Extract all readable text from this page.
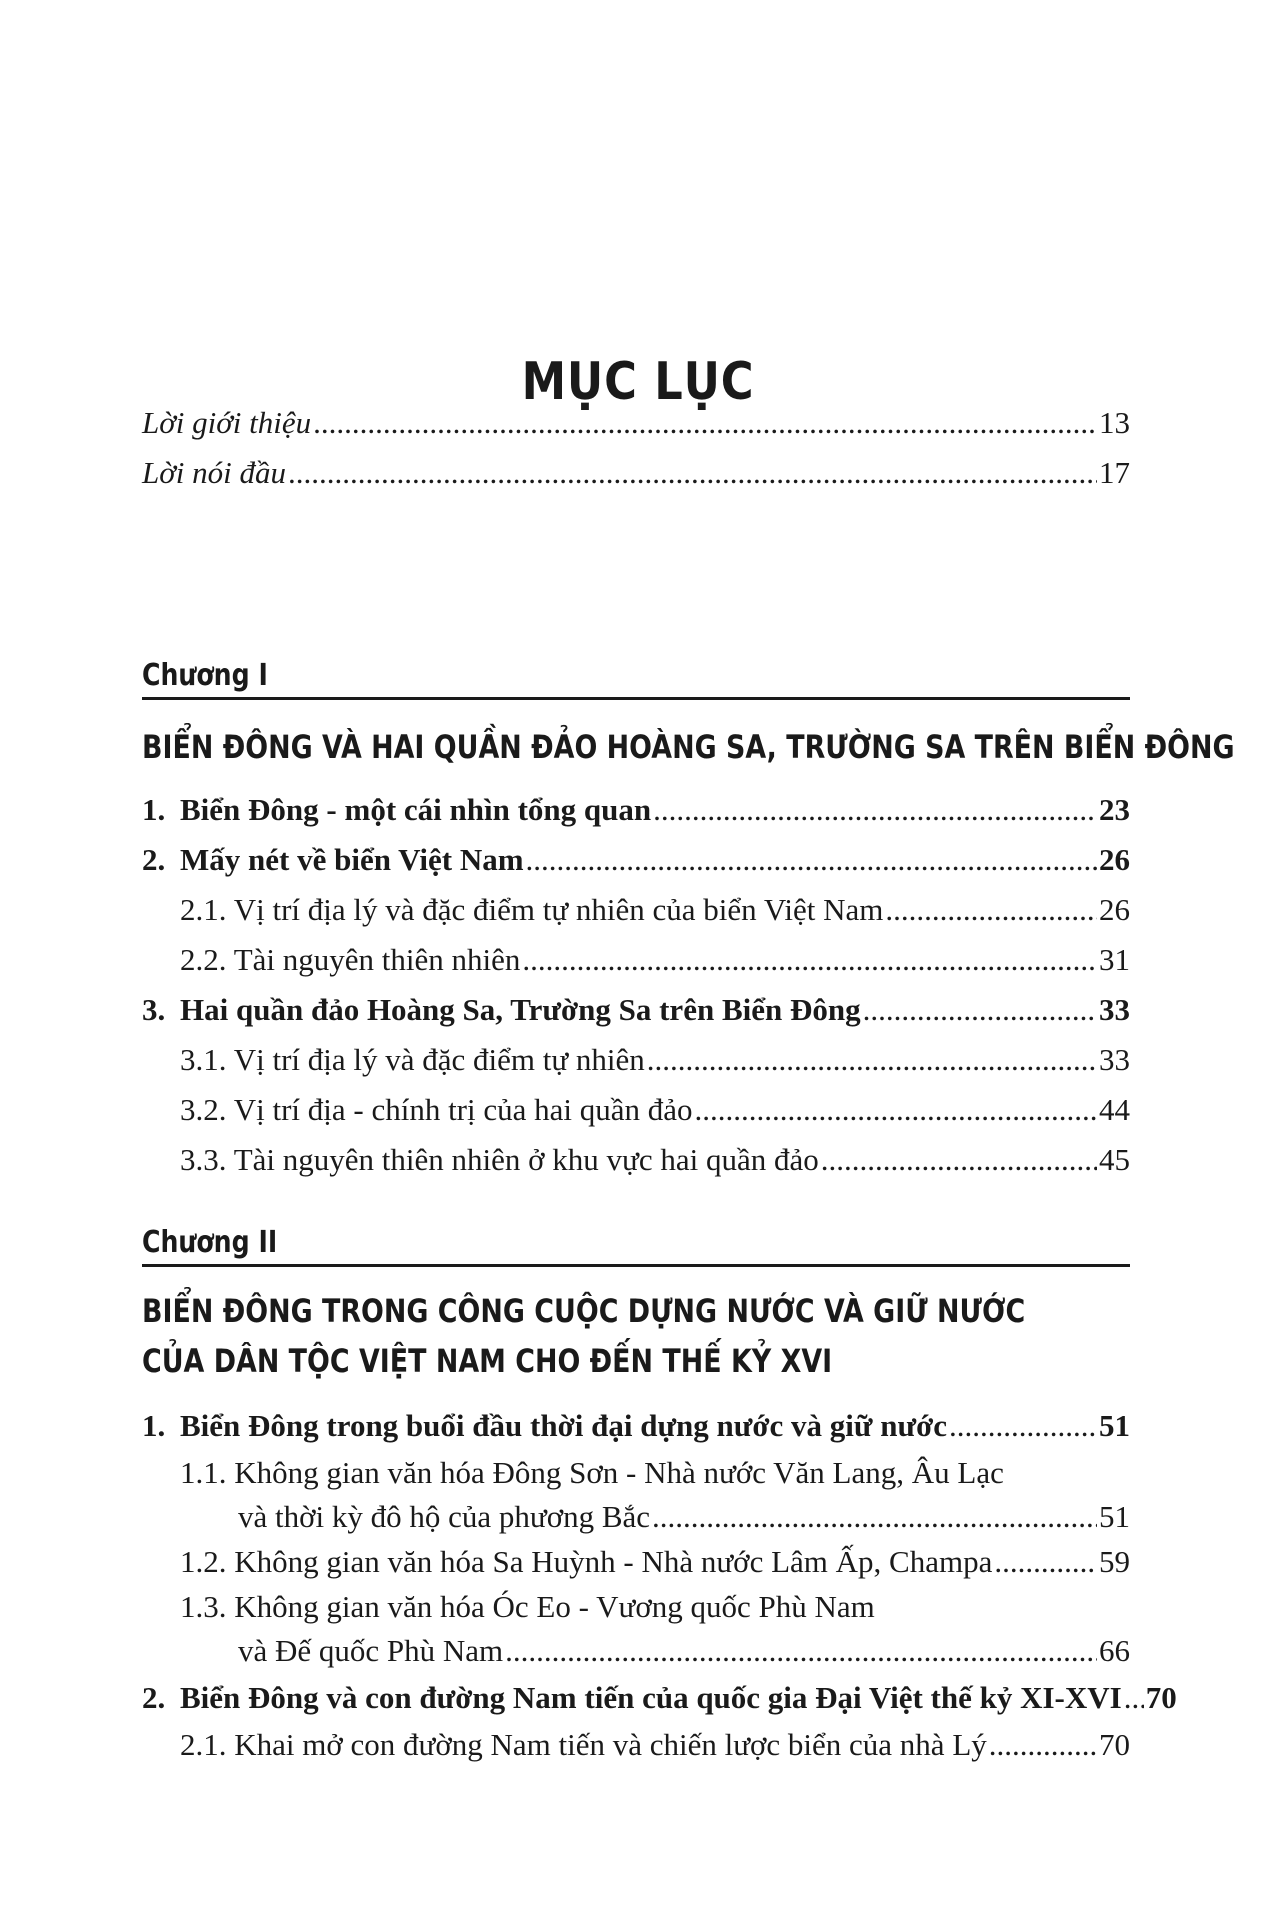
MỤC LỤC
Lời giới thiệu .....	13
Lời nói đầu .....	17
Chương I
BIỂN ĐÔNG VÀ HAI QUẦN ĐẢO HOÀNG SA, TRƯỜNG SA TRÊN BIỂN ĐÔNG
1. Biển Đông - một cái nhìn tổng quan .....	23
2. Mấy nét về biển Việt Nam .....	26
2.1. Vị trí địa lý và đặc điểm tự nhiên của biển Việt Nam .....	26
2.2. Tài nguyên thiên nhiên .....	31
3. Hai quần đảo Hoàng Sa, Trường Sa trên Biển Đông .....	33
3.1. Vị trí địa lý và đặc điểm tự nhiên .....	33
3.2. Vị trí địa - chính trị của hai quần đảo .....	44
3.3. Tài nguyên thiên nhiên ở khu vực hai quần đảo .....	45
Chương II
BIỂN ĐÔNG TRONG CÔNG CUỘC DỰNG NƯỚC VÀ GIỮ NƯỚC
CỦA DÂN TỘC VIỆT NAM CHO ĐẾN THẾ KỶ XVI
1. Biển Đông trong buổi đầu thời đại dựng nước và giữ nước .....	51
1.1. Không gian văn hóa Đông Sơn - Nhà nước Văn Lang, Âu Lạc
và thời kỳ đô hộ của phương Bắc .....	51
1.2. Không gian văn hóa Sa Huỳnh - Nhà nước Lâm Ấp, Champa .....	59
1.3. Không gian văn hóa Óc Eo - Vương quốc Phù Nam
và Đế quốc Phù Nam .....	66
2. Biển Đông và con đường Nam tiến của quốc gia Đại Việt thế kỷ XI-XVI ..... 70
2.1. Khai mở con đường Nam tiến và chiến lược biển của nhà Lý .....	70
